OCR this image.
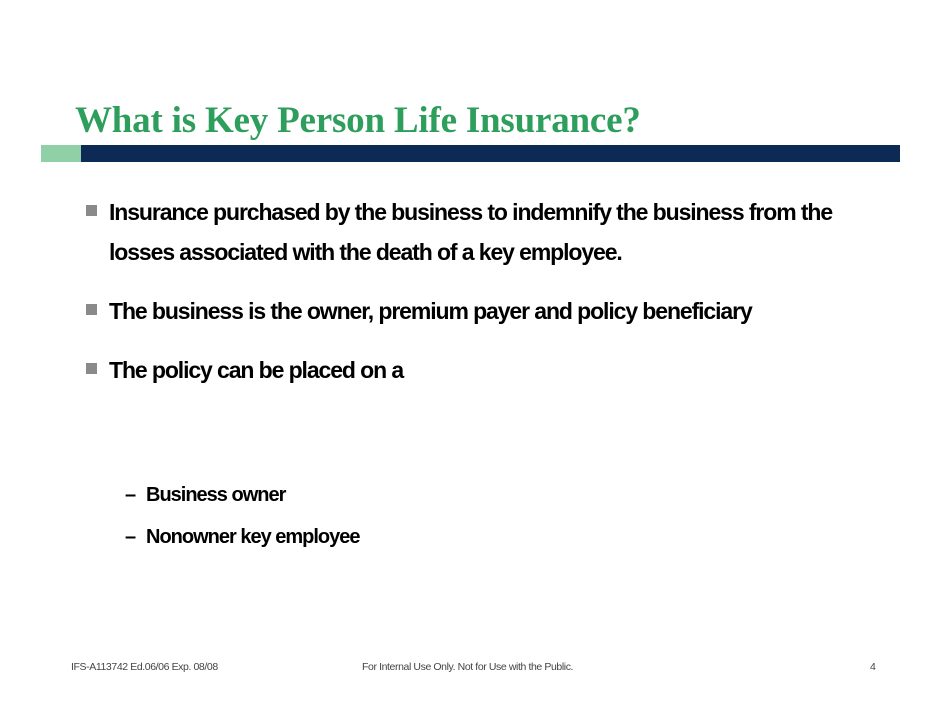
What is Key Person Life Insurance?
Insurance purchased by the business to indemnify the business from the losses associated with the death of a key employee.
The business is the owner, premium payer and policy beneficiary
The policy can be placed on a
– Business owner
– Nonowner key employee
IFS-A113742 Ed.06/06 Exp. 08/08	For Internal Use Only. Not for Use with the Public.	4
